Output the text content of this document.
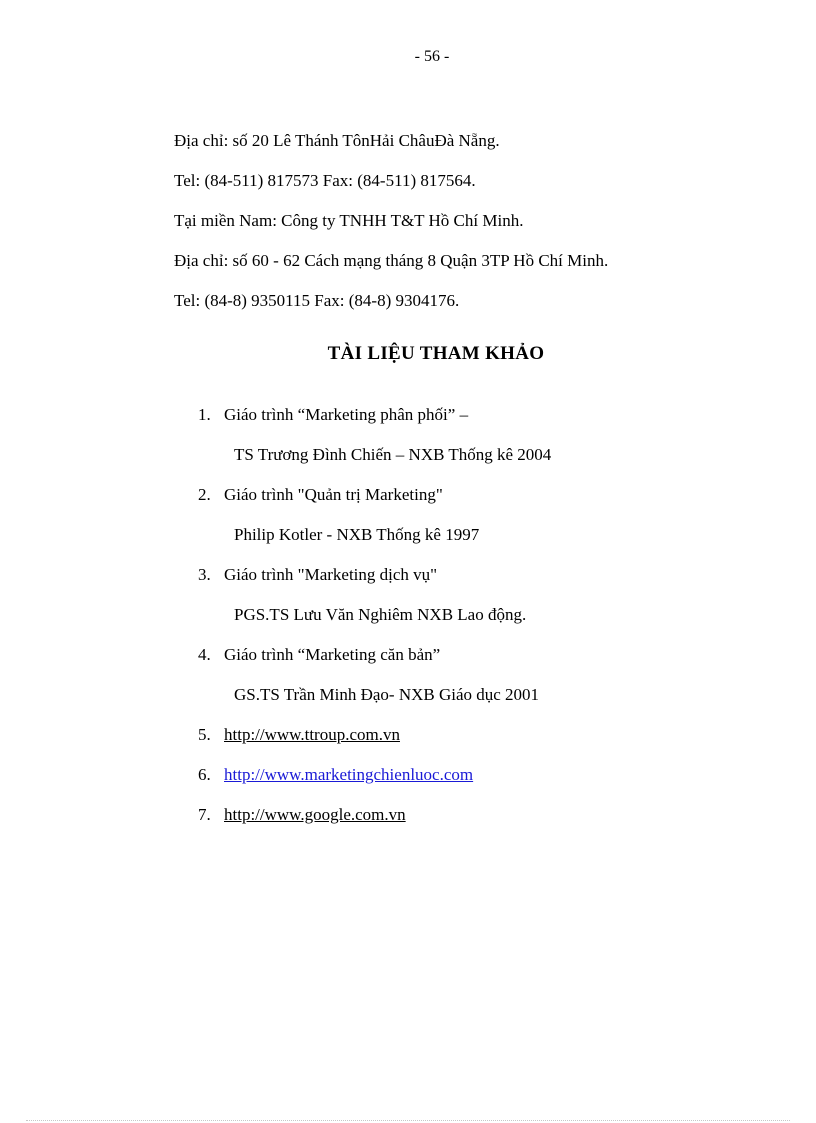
- 56 -
Địa chỉ: số 20 Lê Thánh TônHải ChâuĐà Nẵng.
Tel: (84-511) 817573 Fax: (84-511) 817564.
Tại miền Nam: Công ty TNHH T&T Hồ Chí Minh.
Địa chỉ: số 60 - 62 Cách mạng tháng 8 Quận 3TP Hồ Chí Minh.
Tel: (84-8) 9350115 Fax: (84-8) 9304176.
TÀI LIỆU THAM KHẢO
1. Giáo trình “Marketing phân phối” –
TS Trương Đình Chiến – NXB Thống kê 2004
2. Giáo trình "Quản trị Marketing"
Philip Kotler - NXB Thống kê 1997
3. Giáo trình "Marketing dịch vụ"
PGS.TS Lưu Văn Nghiêm NXB Lao động.
4. Giáo trình “Marketing căn bản”
GS.TS Trần Minh Đạo- NXB Giáo dục 2001
5. http://www.ttroup.com.vn
6. http://www.marketingchienluoc.com
7. http://www.google.com.vn
